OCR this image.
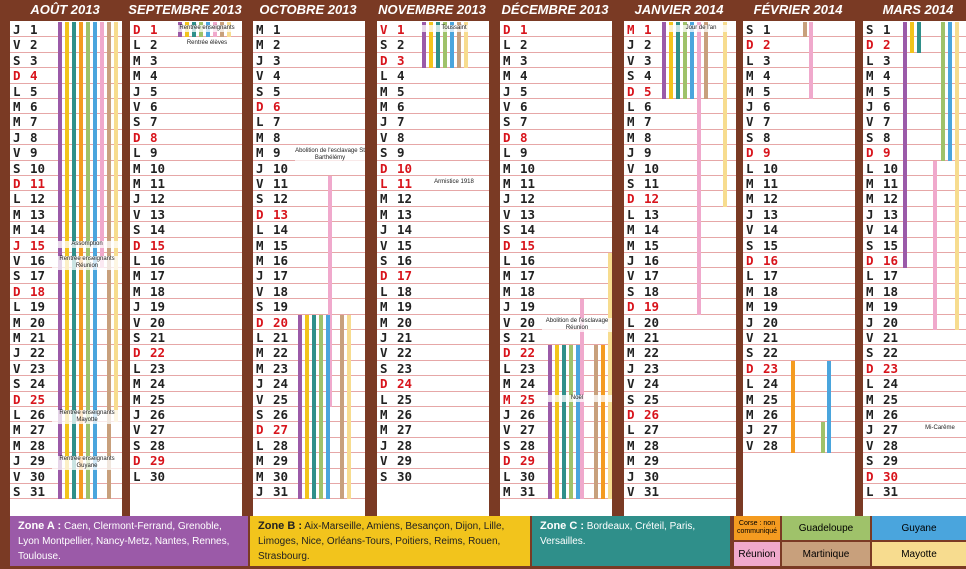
AOÛT 2013
J 1
V 2
S 3
D 4
L 5
M 6
M 7
J 8
V 9
S 10
D 11
L 12
M 13
M 14
J 15
V 16
S 17
D 18
L 19
M 20
M 21
J 22
V 23
S 24
D 25
L 26
M 27
M 28
J 29
V 30
S 31
Assomption
Rentrée enseignants Réunion
Rentrée enseignants Mayotte
Rentrée enseignants Guyane
SEPTEMBRE 2013
D 1
L 2
M 3
M 4
J 5
V 6
S 7
D 8
L 9
M 10
M 11
J 12
V 13
S 14
D 15
L 16
M 17
M 18
J 19
V 20
S 21
D 22
L 23
M 24
M 25
J 26
V 27
S 28
D 29
L 30
Rentrée enseignants
Rentrée élèves
OCTOBRE 2013
M 1
M 2
J 3
V 4
S 5
D 6
L 7
M 8
M 9
J 10
V 11
S 12
D 13
L 14
M 15
M 16
J 17
V 18
S 19
D 20
L 21
M 22
M 23
J 24
V 25
S 26
D 27
L 28
M 29
M 30
J 31
Abolition de l'esclavage St Barthélémy
NOVEMBRE 2013
V 1
S 2
D 3
L 4
M 5
M 6
J 7
V 8
S 9
D 10
L 11
M 12
M 13
J 14
V 15
S 16
D 17
L 18
M 19
M 20
J 21
V 22
S 23
D 24
L 25
M 26
M 27
J 28
V 29
S 30
Toussaint
Armistice 1918
DÉCEMBRE 2013
D 1
L 2
M 3
M 4
J 5
V 6
S 7
D 8
L 9
M 10
M 11
J 12
V 13
S 14
D 15
L 16
M 17
M 18
J 19
V 20
S 21
D 22
L 23
M 24
M 25
J 26
V 27
S 28
D 29
L 30
M 31
Abolition de l'esclavage Réunion
Noël
JANVIER 2014
M 1
J 2
V 3
S 4
D 5
L 6
M 7
M 8
J 9
V 10
S 11
D 12
L 13
M 14
M 15
J 16
V 17
S 18
D 19
L 20
M 21
M 22
J 23
V 24
S 25
D 26
L 27
M 28
M 29
J 30
V 31
Jour de l'an
FÉVRIER 2014
S 1
D 2
L 3
M 4
M 5
J 6
V 7
S 8
D 9
L 10
M 11
M 12
J 13
V 14
S 15
D 16
L 17
M 18
M 19
J 20
V 21
S 22
D 23
L 24
M 25
M 26
J 27
V 28
MARS 2014
S 1
D 2
L 3
M 4
M 5
J 6
V 7
S 8
D 9
L 10
M 11
M 12
J 13
V 14
S 15
D 16
L 17
M 18
M 19
J 20
V 21
S 22
D 23
L 24
M 25
M 26
J 27
V 28
S 29
D 30
L 31
Mi-Carême
Zone A : Caen, Clermont-Ferrand, Grenoble, Lyon Montpellier, Nancy-Metz, Nantes, Rennes, Toulouse.
Zone B : Aix-Marseille, Amiens, Besançon, Dijon, Lille, Limoges, Nice, Orléans-Tours, Poitiers, Reims, Rouen, Strasbourg.
Zone C : Bordeaux, Créteil, Paris, Versailles.
Corse : non communiqué	Guadeloupe	Guyane
Réunion	Martinique	Mayotte
